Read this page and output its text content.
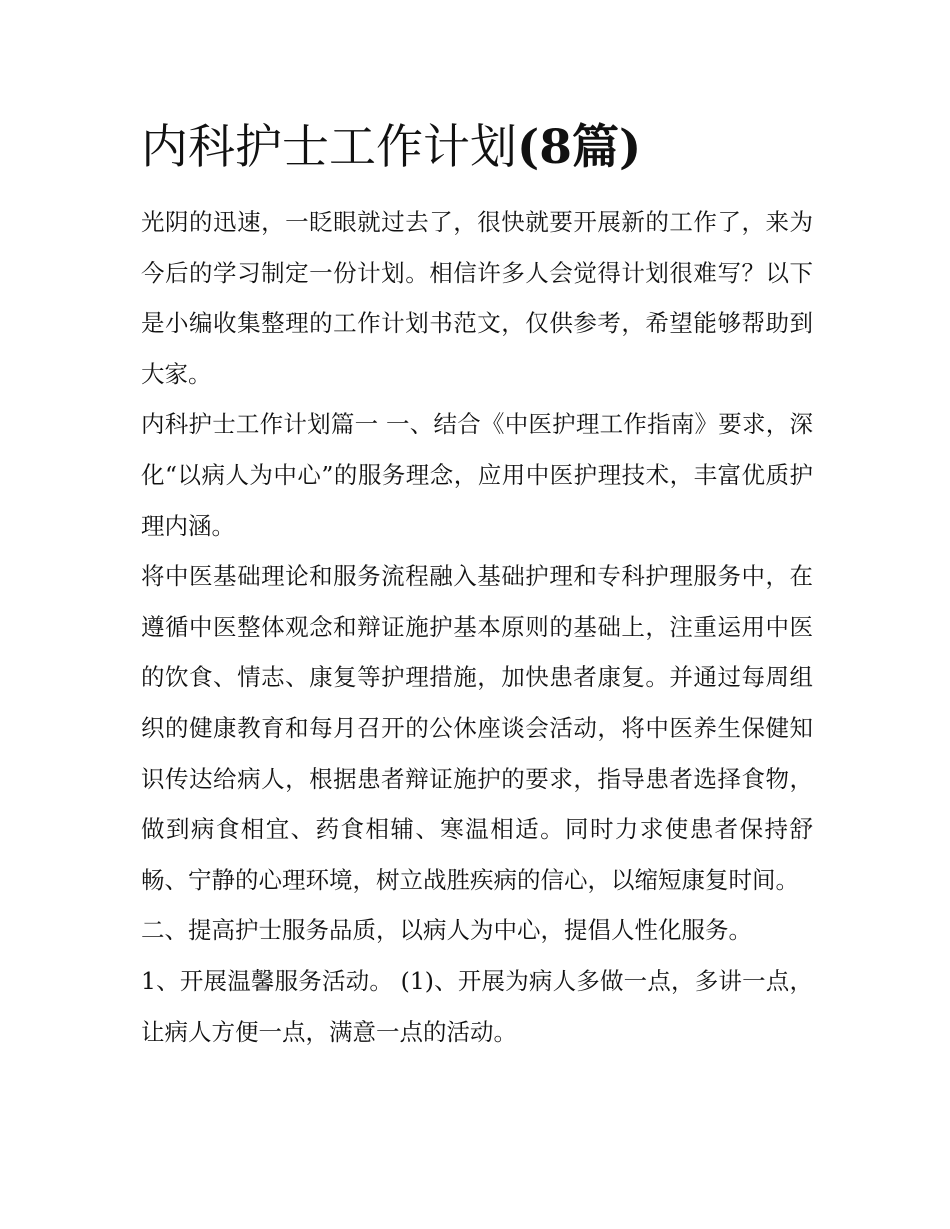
内科护士工作计划(8篇)

光阴的迅速，一眨眼就过去了，很快就要开展新的工作了，来为今后的学习制定一份计划。相信许多人会觉得计划很难写？以下是小编收集整理的工作计划书范文，仅供参考，希望能够帮助到大家。

内科护士工作计划篇一 一、结合《中医护理工作指南》要求，深化“以病人为中心”的服务理念，应用中医护理技术，丰富优质护理内涵。

将中医基础理论和服务流程融入基础护理和专科护理服务中，在遵循中医整体观念和辩证施护基本原则的基础上，注重运用中医的饮食、情志、康复等护理措施，加快患者康复。并通过每周组织的健康教育和每月召开的公休座谈会活动，将中医养生保健知识传达给病人，根据患者辩证施护的要求，指导患者选择食物，做到病食相宜、药食相辅、寒温相适。同时力求使患者保持舒畅、宁静的心理环境，树立战胜疾病的信心，以缩短康复时间。

二、提高护士服务品质，以病人为中心，提倡人性化服务。

1、开展温馨服务活动。 (1)、开展为病人多做一点，多讲一点，让病人方便一点，满意一点的活动。
